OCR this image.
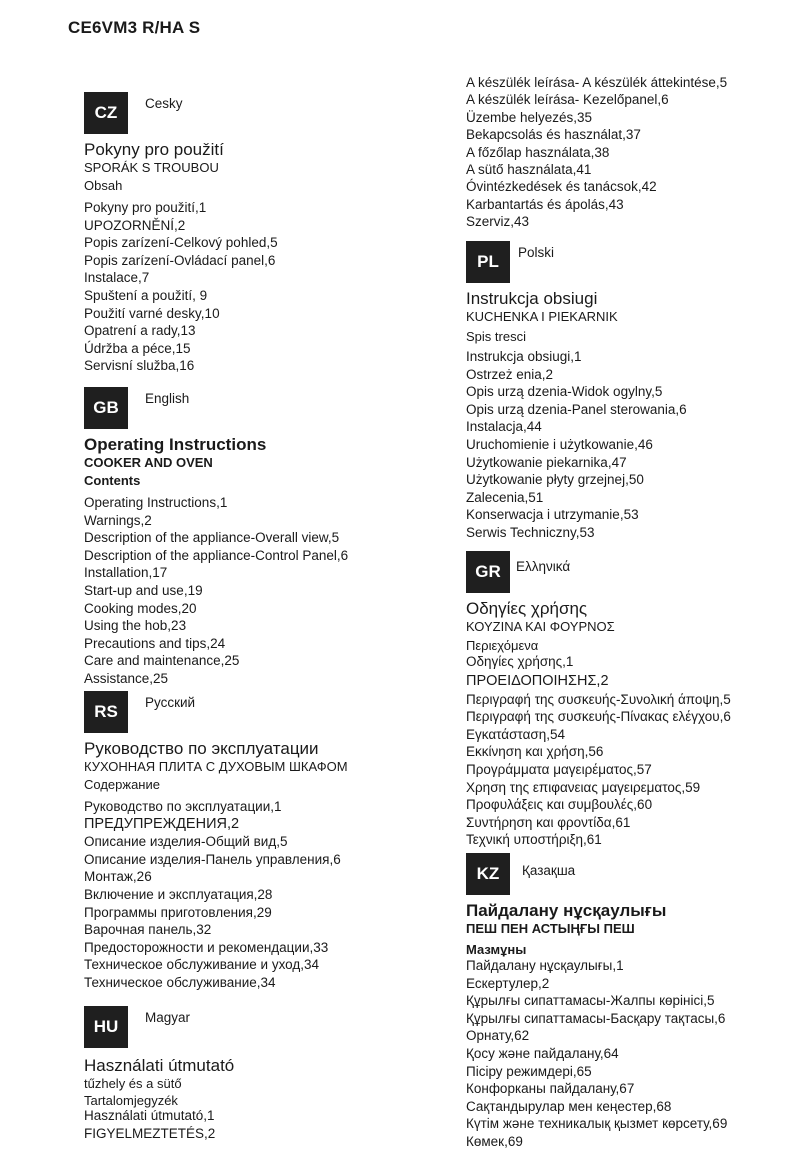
CE6VM3 R/HA S
CZ	Cesky
Pokyny pro použití
SPORÁK S TROUBOU
Obsah
Pokyny pro použití,1
UPOZORNĚNÍ,2
Popis zarízení-Celkový pohled,5
Popis zarízení-Ovládací panel,6
Instalace,7
Spuštení a použití, 9
Použití varné desky,10
Opatrení a rady,13
Údržba a péce,15
Servisní služba,16
GB	English
Operating Instructions
COOKER AND OVEN
Contents
Operating Instructions,1
Warnings,2
Description of the appliance-Overall view,5
Description of the appliance-Control Panel,6
Installation,17
Start-up and use,19
Cooking modes,20
Using the hob,23
Precautions and tips,24
Care and maintenance,25
Assistance,25
RS	Русский
Руководство по эксплуатации
КУХОННАЯ ПЛИТА С ДУХОВЫМ ШКАФОМ
Содержание
Руководство по эксплуатации,1
ПРЕДУПРЕЖДЕНИЯ,2
Описание изделия-Общий вид,5
Описание изделия-Панель управления,6
Монтаж,26
Включение и эксплуатация,28
Программы приготовления,29
Варочная панель,32
Предосторожности и рекомендации,33
Техническое обслуживание и уход,34
Техническое обслуживание,34
HU	Magyar
Használati útmutató
tűzhely és a sütő
Tartalomjegyzék
Használati útmutató,1
FIGYELMEZTETÉS,2
A készülék leírása- A készülék áttekintése,5
A készülék leírása- Kezelőpanel,6
Üzembe helyezés,35
Bekapcsolás és használat,37
A főzőlap használata,38
A sütő használata,41
Óvintézkedések és tanácsok,42
Karbantartás és ápolás,43
Szerviz,43
PL	Polski
Instrukcja obsiugi
KUCHENKA I PIEKARNIK
Spis tresci
Instrukcja obsiugi,1
Ostrzeż enia,2
Opis urzą dzenia-Widok ogylny,5
Opis urzą dzenia-Panel sterowania,6
Instalacja,44
Uruchomienie i użytkowanie,46
Użytkowanie piekarnika,47
Użytkowanie płyty grzejnej,50
Zalecenia,51
Konserwacja i utrzymanie,53
Serwis Techniczny,53
GR	Ελληνικά
Οδηγίες χρήσης
ΚΟΥΖΙΝΑ ΚΑΙ ΦΟΥΡΝΟΣ
Περιεχόμενα
Οδηγίες χρήσης,1
ΠΡΟΕΙΔΟΠΟΙΗΣΗΣ,2
Περιγραφή της συσκευής-Συνολική άποψη,5
Περιγραφή της συσκευής-Πίνακας ελέγχου,6
Εγκατάσταση,54
Εκκίνηση και χρήση,56
Προγράμματα μαγειρέματος,57
Χρηση της επιφανειας μαγειρεματος,59
Προφυλάξεις και συμβουλές,60
Συντήρηση και φροντίδα,61
Τεχνική υποστήριξη,61
KZ	Қазақша
Пайдалану нұсқаулығы
ПЕШ ПЕН АСТЫҢҒЫ ПЕШ
Мазмұны
Пайдалану нұсқаулығы,1
Ескертулер,2
Құрылғы сипаттамасы-Жалпы көрінісі,5
Құрылғы сипаттамасы-Басқару тақтасы,6
Орнату,62
Қосу және пайдалану,64
Пісіру режимдері,65
Конфорканы пайдалану,67
Сақтандырулар мен кеңестер,68
Күтім және техникалық қызмет көрсету,69
Көмек,69
